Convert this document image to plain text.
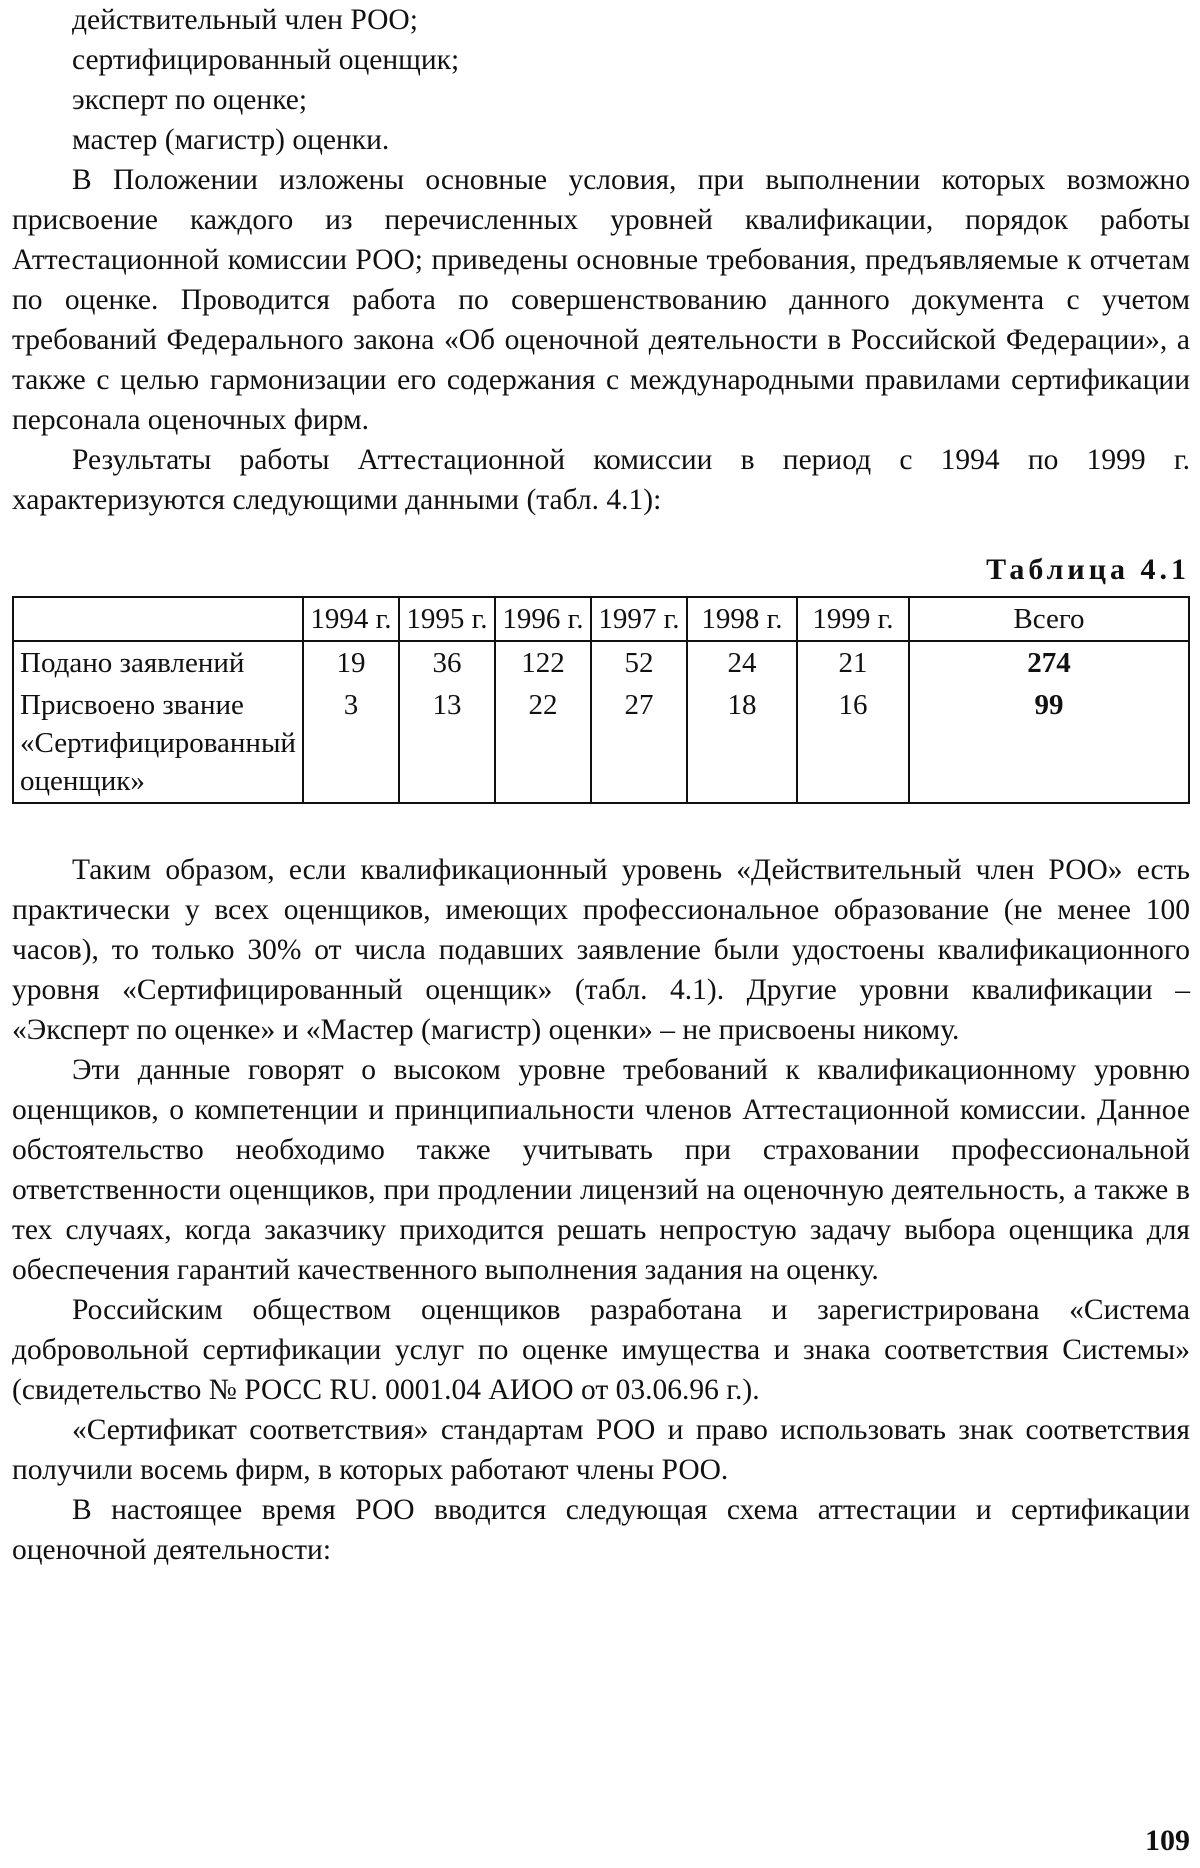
действительный член РОО;

сертифицированный оценщик;

эксперт по оценке;

мастер (магистр) оценки.

В Положении изложены основные условия, при выполнении которых возможно присвоение каждого из перечисленных уровней квалификации, порядок работы Аттестационной комиссии РОО; приведены основные требования, предъявляемые к отчетам по оценке. Проводится работа по совершенствованию данного документа с учетом требований Федерального закона «Об оценочной деятельности в Российской Федерации», а также с целью гармонизации его содержания с международными правилами сертификации персонала оценочных фирм.

Результаты работы Аттестационной комиссии в период с 1994 по 1999 г. характеризуются следующими данными (табл. 4.1):

Таблица 4.1
	1994 г.	1995 г.	1996 г.	1997 г.	1998 г.	1999 г.	Всего
Подано заявлений	19	36	122	52	24	21	274
Присвоено звание «Сертифицированный оценщик»	3	13	22	27	18	16	99

Таким образом, если квалификационный уровень «Действительный член РОО» есть практически у всех оценщиков, имеющих профессиональное образование (не менее 100 часов), то только 30% от числа подавших заявление были удостоены квалификационного уровня «Сертифицированный оценщик» (табл. 4.1). Другие уровни квалификации – «Эксперт по оценке» и «Мастер (магистр) оценки» – не присвоены никому.

Эти данные говорят о высоком уровне требований к квалификационному уровню оценщиков, о компетенции и принципиальности членов Аттестационной комиссии. Данное обстоятельство необходимо также учитывать при страховании профессиональной ответственности оценщиков, при продлении лицензий на оценочную деятельность, а также в тех случаях, когда заказчику приходится решать непростую задачу выбора оценщика для обеспечения гарантий качественного выполнения задания на оценку.

Российским обществом оценщиков разработана и зарегистрирована «Система добровольной сертификации услуг по оценке имущества и знака соответствия Системы» (свидетельство № РОСС RU. 0001.04 АИОО от 03.06.96 г.).

«Сертификат соответствия» стандартам РОО и право использовать знак соответствия получили восемь фирм, в которых работают члены РОО.

В настоящее время РОО вводится следующая схема аттестации и сертификации оценочной деятельности:

109
